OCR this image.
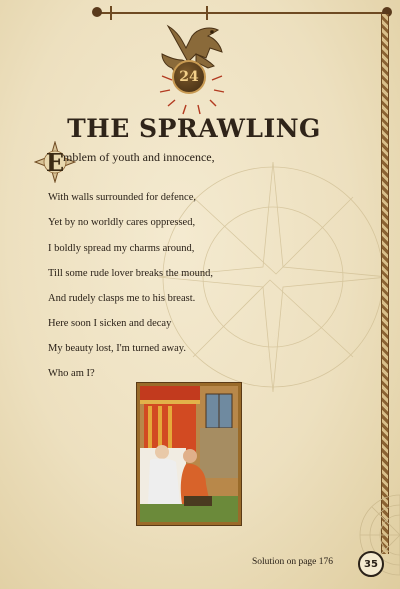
24
THE SPRAWLING
E
mblem of youth and innocence,
With walls surrounded for defence,
Yet by no worldly cares oppressed,
I boldly spread my charms around,
Till some rude lover breaks the mound,
And rudely clasps me to his breast.
Here soon I sicken and decay
My beauty lost, I'm turned away.
Who am I?
Solution on page 176	35
